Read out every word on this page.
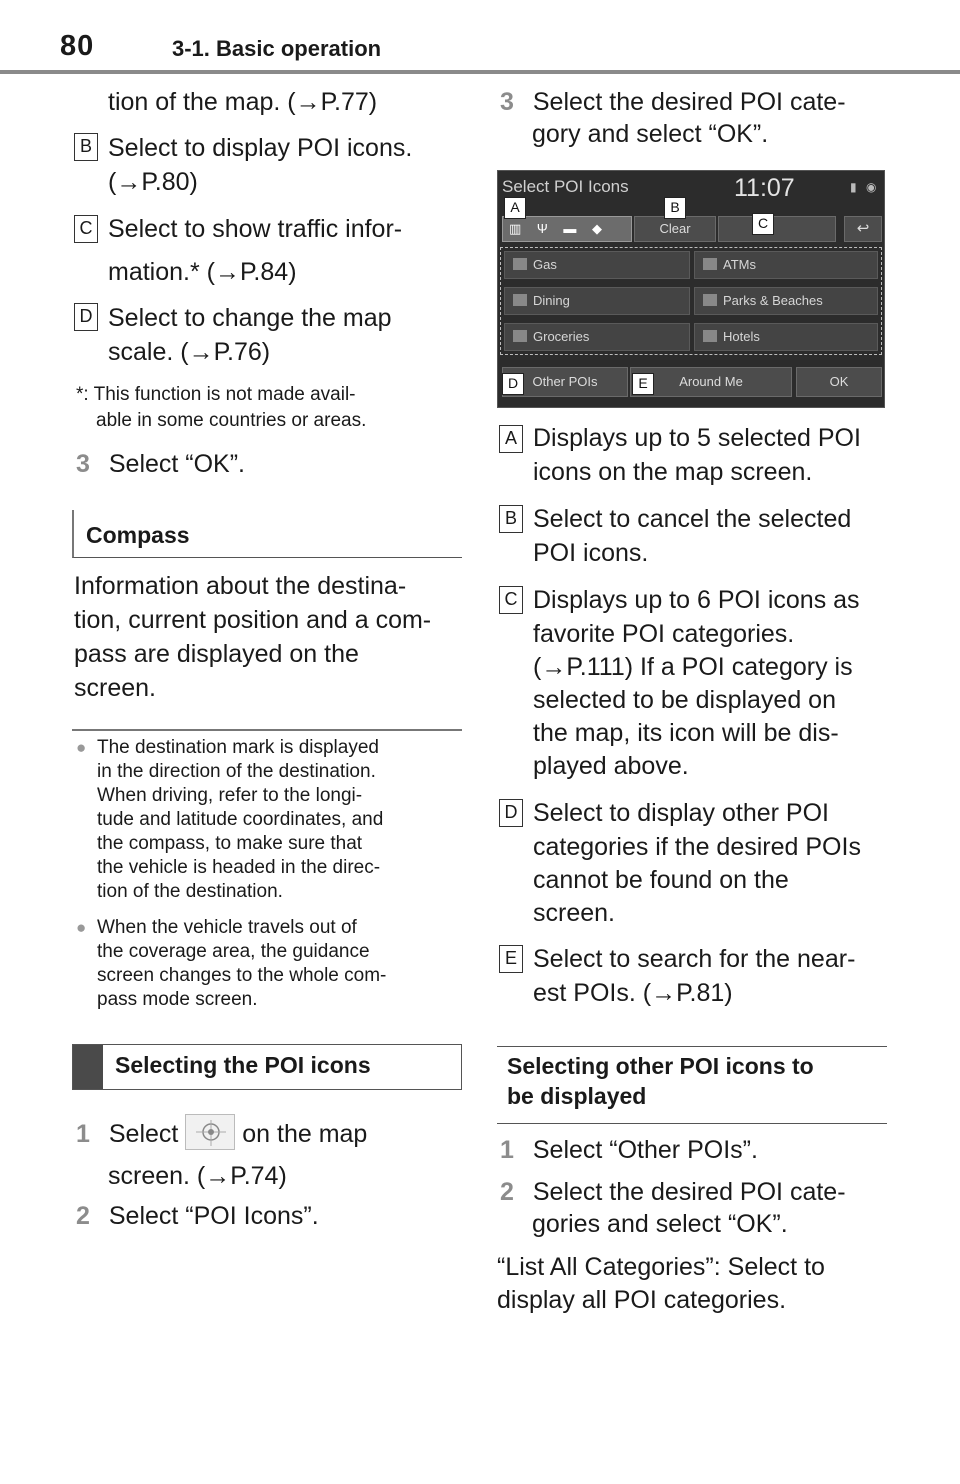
80	3-1. Basic operation
tion of the map. (→P.77)
B Select to display POI icons.
(→P.80)
C Select to show traffic infor-
mation.* (→P.84)
D Select to change the map
scale. (→P.76)
*: This function is not made avail-
able in some countries or areas.
3 Select “OK”.
Compass
Information about the destina-
tion, current position and a com-
pass are displayed on the
screen.
● The destination mark is displayed
in the direction of the destination.
When driving, refer to the longi-
tude and latitude coordinates, and
the compass, to make sure that
the vehicle is headed in the direc-
tion of the destination.
● When the vehicle travels out of
the coverage area, the guidance
screen changes to the whole com-
pass mode screen.
Selecting the POI icons
1 Select	on the map
screen. (→P.74)
2 Select “POI Icons”.
3 Select the desired POI cate-
gory and select “OK”.
Select POI Icons	11:07	▮ ◉
▥ Ψ ▬ ◆	Clear	↩
Gas	ATMs
Dining	Parks & Beaches
Groceries	Hotels
Other POIs	Around Me	OK
A	B
C
D	E
A Displays up to 5 selected POI
icons on the map screen.
B Select to cancel the selected
POI icons.
C Displays up to 6 POI icons as
favorite POI categories.
(→P.111) If a POI category is
selected to be displayed on
the map, its icon will be dis-
played above.
D Select to display other POI
categories if the desired POIs
cannot be found on the
screen.
E Select to search for the near-
est POIs. (→P.81)
Selecting other POI icons to
be displayed
1 Select “Other POIs”.
2 Select the desired POI cate-
gories and select “OK”.
“List All Categories”: Select to
display all POI categories.
